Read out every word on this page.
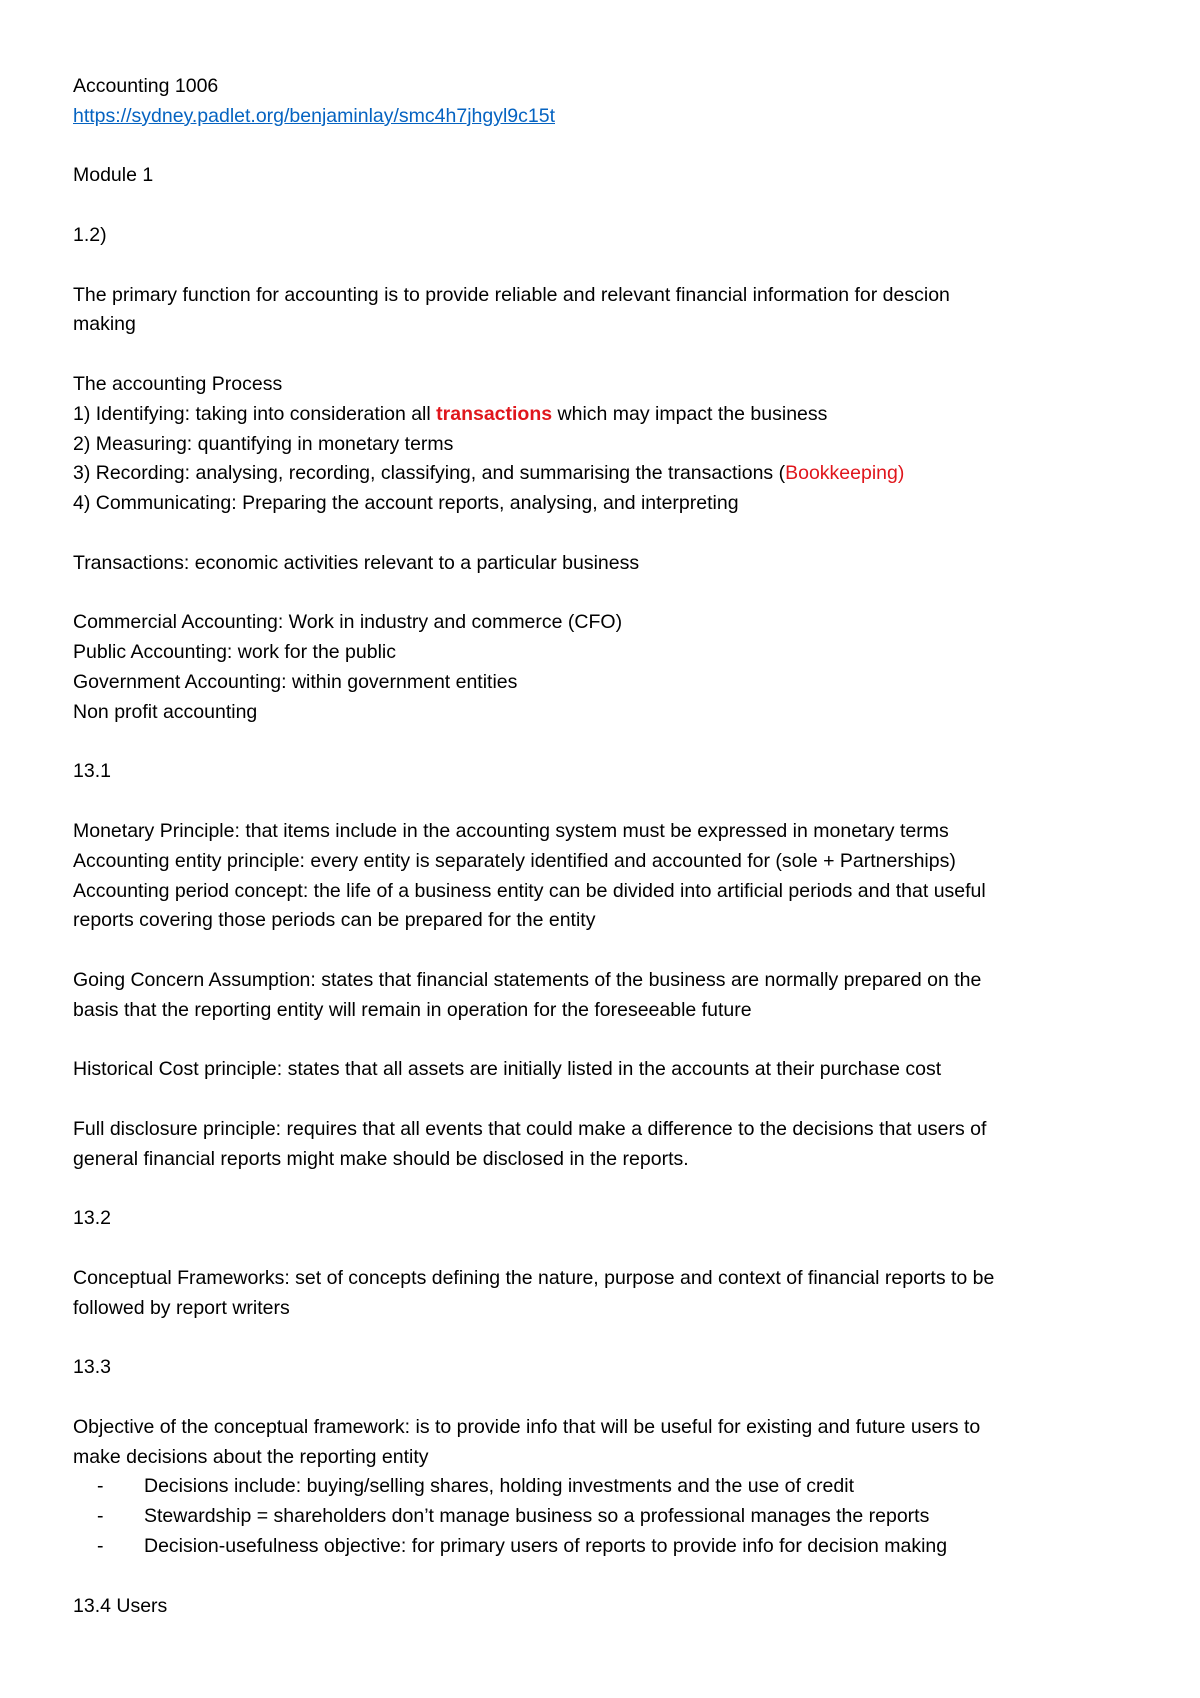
Accounting 1006
https://sydney.padlet.org/benjaminlay/smc4h7jhgyl9c15t
Module 1
1.2)
The primary function for accounting is to provide reliable and relevant financial information for descion
making
The accounting Process
1) Identifying: taking into consideration all transactions which may impact the business
2) Measuring: quantifying in monetary terms
3) Recording: analysing, recording, classifying, and summarising the transactions (Bookkeeping)
4) Communicating: Preparing the account reports, analysing, and interpreting
Transactions: economic activities relevant to a particular business
Commercial Accounting: Work in industry and commerce (CFO)
Public Accounting: work for the public
Government Accounting: within government entities
Non profit accounting
13.1
Monetary Principle: that items include in the accounting system must be expressed in monetary terms
Accounting entity principle: every entity is separately identified and accounted for (sole + Partnerships)
Accounting period concept: the life of a business entity can be divided into artificial periods and that useful
reports covering those periods can be prepared for the entity
Going Concern Assumption: states that financial statements of the business are normally prepared on the
basis that the reporting entity will remain in operation for the foreseeable future
Historical Cost principle: states that all assets are initially listed in the accounts at their purchase cost
Full disclosure principle: requires that all events that could make a difference to the decisions that users of
general financial reports might make should be disclosed in the reports.
13.2
Conceptual Frameworks: set of concepts defining the nature, purpose and context of financial reports to be
followed by report writers
13.3
Objective of the conceptual framework: is to provide info that will be useful for existing and future users to
make decisions about the reporting entity
- Decisions include: buying/selling shares, holding investments and the use of credit
- Stewardship = shareholders don’t manage business so a professional manages the reports
- Decision-usefulness objective: for primary users of reports to provide info for decision making
13.4 Users
